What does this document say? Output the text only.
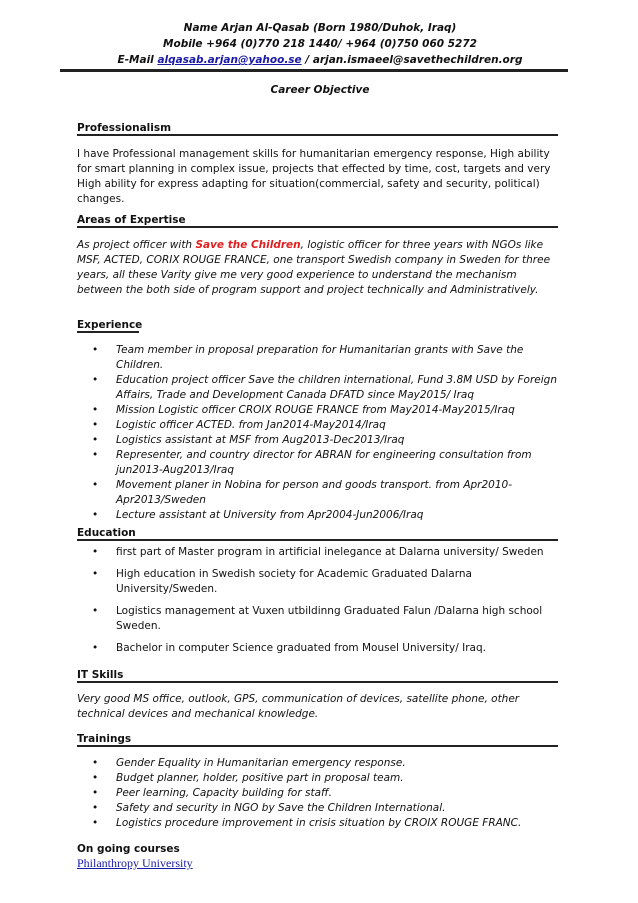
Name Arjan Al-Qasab (Born 1980/Duhok, Iraq)
Mobile +964 (0)770 218 1440/ +964 (0)750 060 5272
E-Mail alqasab.arjan@yahoo.se / arjan.ismaeel@savethechildren.org
Career Objective
Professionalism
I have Professional management skills for humanitarian emergency response, High ability for smart planning in complex issue, projects that effected by time, cost, targets and very High ability for express adapting for situation(commercial, safety and security, political) changes.
Areas of Expertise
As project officer with Save the Children, logistic officer for three years with NGOs like MSF, ACTED, CORIX ROUGE FRANCE, one transport Swedish company in Sweden for three years, all these Varity give me very good experience to understand the mechanism between the both side of program support and project technically and Administratively.
Experience
• Team member in proposal preparation for Humanitarian grants with Save the Children.
• Education project officer Save the children international, Fund 3.8M USD by Foreign Affairs, Trade and Development Canada DFATD since May2015/ Iraq
• Mission Logistic officer CROIX ROUGE FRANCE from May2014-May2015/Iraq
• Logistic officer ACTED. from Jan2014-May2014/Iraq
• Logistics assistant at MSF from Aug2013-Dec2013/Iraq
• Representer, and country director for ABRAN for engineering consultation from jun2013-Aug2013/Iraq
• Movement planer in Nobina for person and goods transport. from Apr2010-Apr2013/Sweden
• Lecture assistant at University from Apr2004-Jun2006/Iraq
Education
• first part of Master program in artificial inelegance at Dalarna university/ Sweden
• High education in Swedish society for Academic Graduated Dalarna University/Sweden.
• Logistics management at Vuxen utbildinng Graduated Falun /Dalarna high school Sweden.
• Bachelor in computer Science graduated from Mousel University/ Iraq.
IT Skills
Very good MS office, outlook, GPS, communication of devices, satellite phone, other technical devices and mechanical knowledge.
Trainings
• Gender Equality in Humanitarian emergency response.
• Budget planner, holder, positive part in proposal team.
• Peer learning, Capacity building for staff.
• Safety and security in NGO by Save the Children International.
• Logistics procedure improvement in crisis situation by CROIX ROUGE FRANC.
On going courses
Philanthropy University
